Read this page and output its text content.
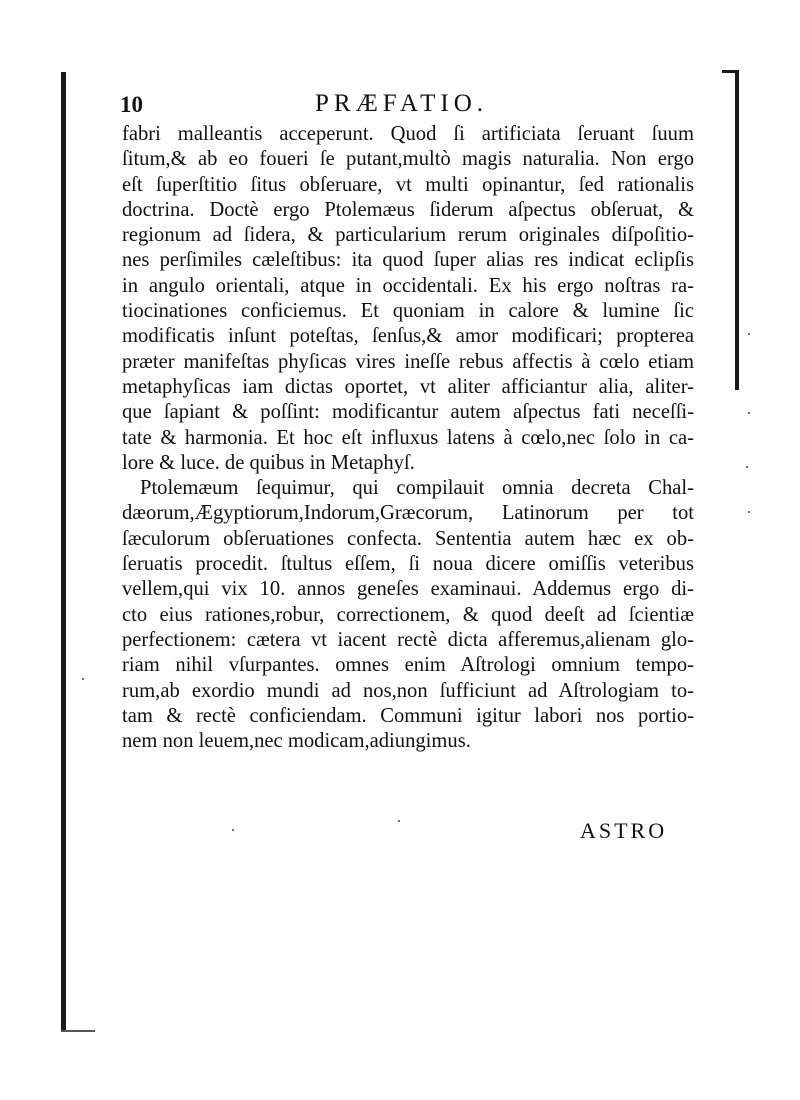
10	PRÆFATIO.
fabri malleantis acceperunt. Quod ſi artificiata ſeruant ſuum
ſitum,& ab eo foueri ſe putant,multò magis naturalia. Non ergo
eſt ſuperſtitio ſitus obſeruare, vt multi opinantur, ſed rationalis
doctrina. Doctè ergo Ptolemæus ſiderum aſpectus obſeruat, &
regionum ad ſidera, & particularium rerum originales diſpoſitio-
nes perſimiles cæleſtibus: ita quod ſuper alias res indicat eclipſis
in angulo orientali, atque in occidentali. Ex his ergo noſtras ra-
tiocinationes conficiemus. Et quoniam in calore & lumine ſic
modificatis inſunt poteſtas, ſenſus,& amor modificari; propterea
præter manifeſtas phyſicas vires ineſſe rebus affectis à cœlo etiam
metaphyſicas iam dictas oportet, vt aliter afficiantur alia, aliter-
que ſapiant & poſſint: modificantur autem aſpectus fati neceſſi-
tate & harmonia. Et hoc eſt influxus latens à cœlo,nec ſolo in ca-
lore & luce. de quibus in Metaphyſ.
Ptolemæum ſequimur, qui compilauit omnia decreta Chal-
dæorum,Ægyptiorum,Indorum,Græcorum, Latinorum per tot
ſæculorum obſeruationes confecta. Sententia autem hæc ex ob-
ſeruatis procedit. ſtultus eſſem, ſi noua dicere omiſſis veteribus
vellem,qui vix 10. annos geneſes examinaui. Addemus ergo di-
cto eius rationes,robur, correctionem, & quod deeſt ad ſcientiæ
perfectionem: cætera vt iacent rectè dicta afferemus,alienam glo-
riam nihil vſurpantes. omnes enim Aſtrologi omnium tempo-
rum,ab exordio mundi ad nos,non ſufficiunt ad Aſtrologiam to-
tam & rectè conficiendam. Communi igitur labori nos portio-
nem non leuem,nec modicam,adiungimus.
ASTRO
